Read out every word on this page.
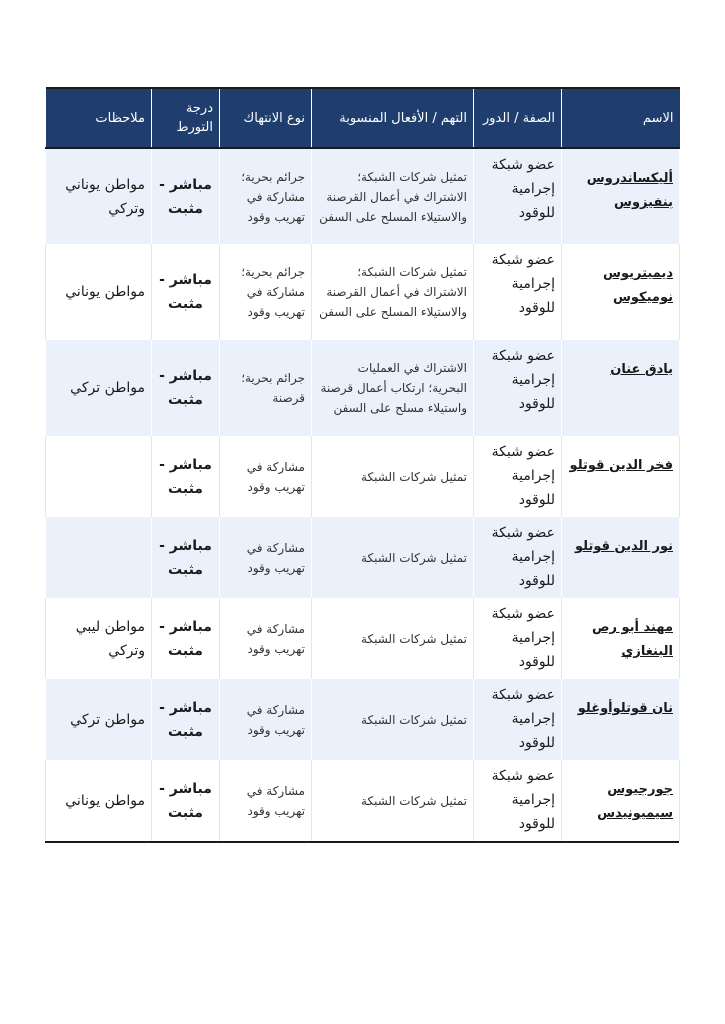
الاسم	الصفة / الدور	التهم / الأفعال المنسوبة	نوع الانتهاك	درجة التورط	ملاحظات
أليكساندروس بنفيزوس	عضو شبكة إجرامية للوقود	تمثيل شركات الشبكة؛ الاشتراك في أعمال القرصنة والاستيلاء المسلح على السفن	جرائم بحرية؛ مشاركة في تهريب وقود	مباشر - مثبت	مواطن يوناني وتركي
ديميتريوس نوميكوس	عضو شبكة إجرامية للوقود	تمثيل شركات الشبكة؛ الاشتراك في أعمال القرصنة والاستيلاء المسلح على السفن	جرائم بحرية؛ مشاركة في تهريب وقود	مباشر - مثبت	مواطن يوناني
يادق عنان	عضو شبكة إجرامية للوقود	الاشتراك في العمليات البحرية؛ ارتكاب أعمال قرصنة واستيلاء مسلح على السفن	جرائم بحرية؛ قرصنة	مباشر - مثبت	مواطن تركي
فخر الدين قوتلو	عضو شبكة إجرامية للوقود	تمثيل شركات الشبكة	مشاركة في تهريب وقود	مباشر - مثبت	
نور الدين قوتلو	عضو شبكة إجرامية للوقود	تمثيل شركات الشبكة	مشاركة في تهريب وقود	مباشر - مثبت	
مهند أبو رص البنغازي	عضو شبكة إجرامية للوقود	تمثيل شركات الشبكة	مشاركة في تهريب وقود	مباشر - مثبت	مواطن ليبي وتركي
نان قوتلوأوغلو	عضو شبكة إجرامية للوقود	تمثيل شركات الشبكة	مشاركة في تهريب وقود	مباشر - مثبت	مواطن تركي
جورجيوس سيميونيدس	عضو شبكة إجرامية للوقود	تمثيل شركات الشبكة	مشاركة في تهريب وقود	مباشر - مثبت	مواطن يوناني
